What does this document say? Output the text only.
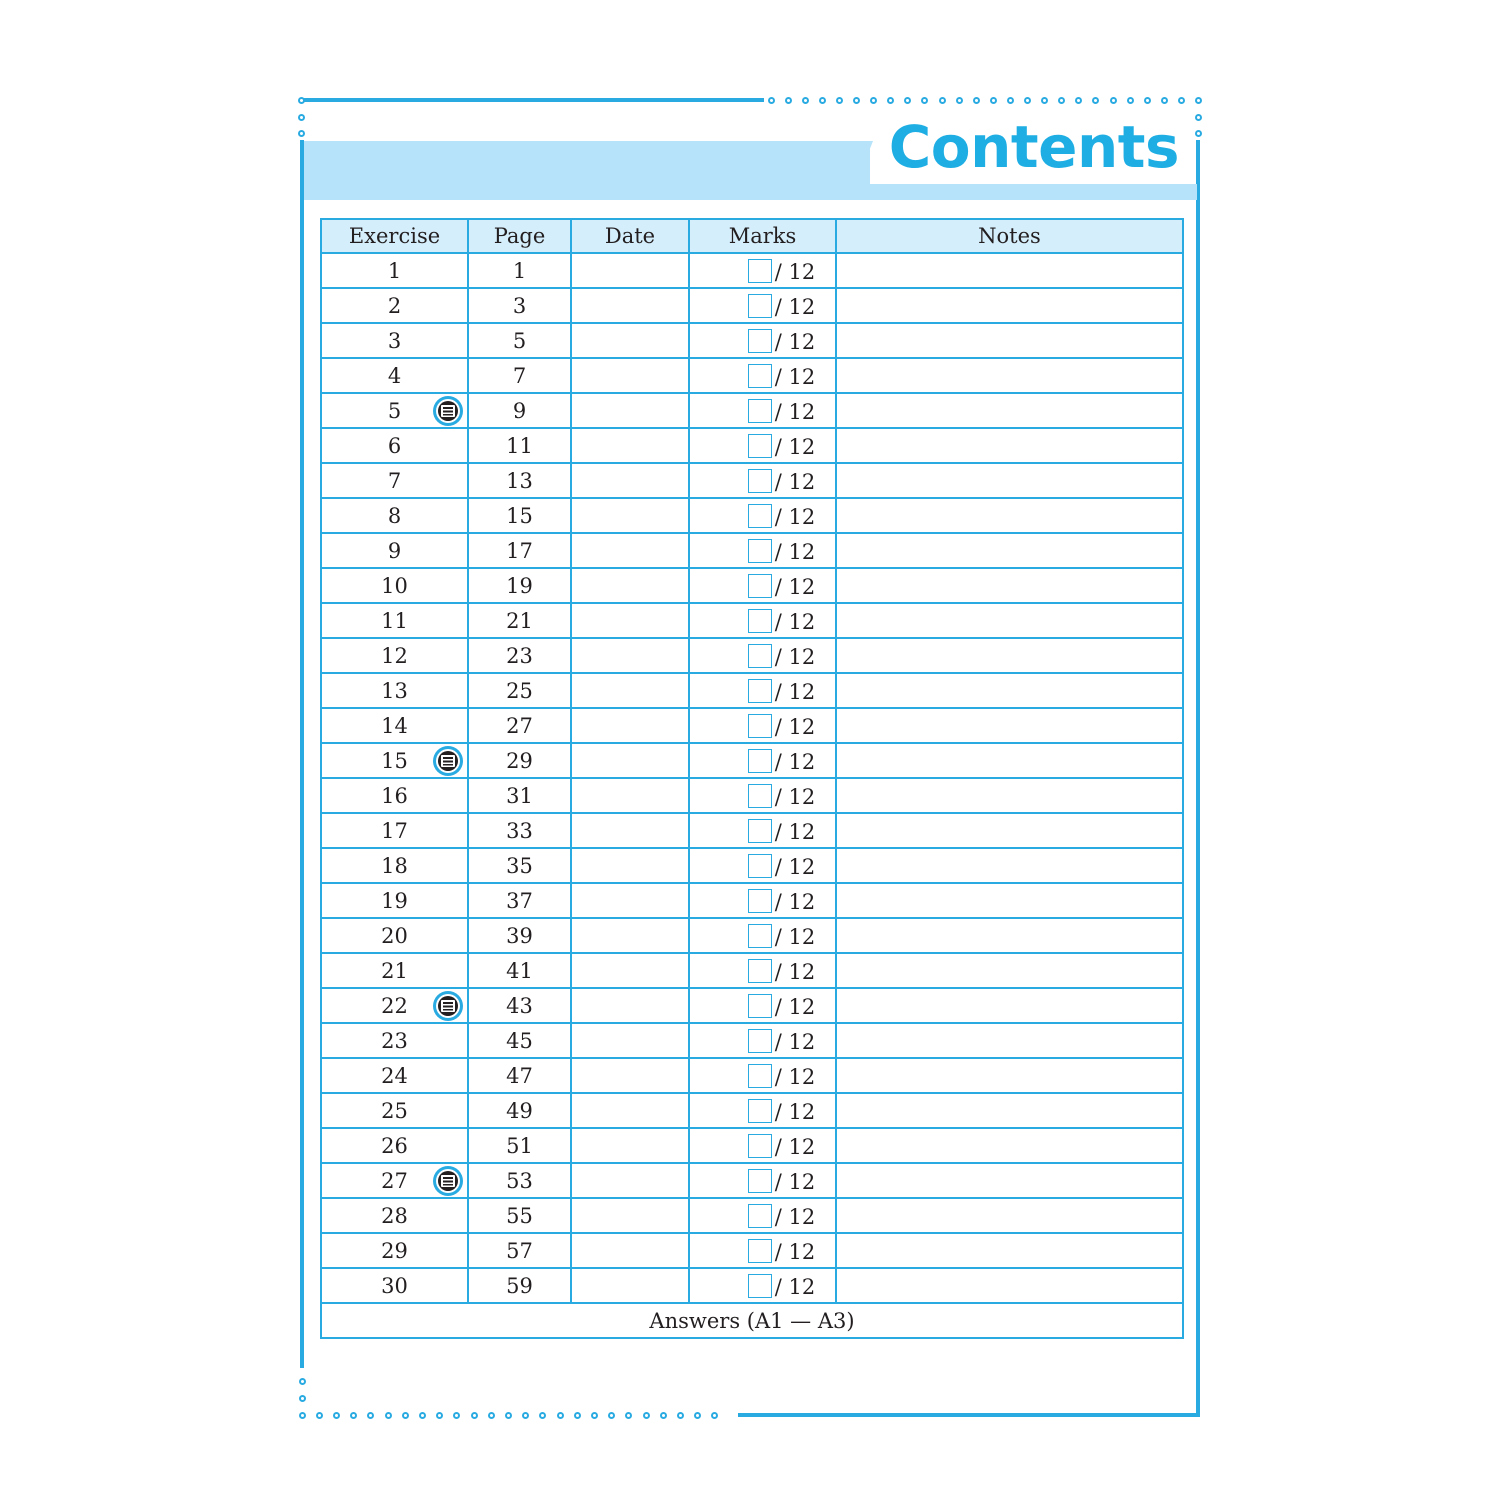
Contents
Exercise	Page	Date	Marks	Notes
1	1		/ 12	

2	3		/ 12	

3	5		/ 12	

4	7		/ 12	

5	9		/ 12	

6	11		/ 12	

7	13		/ 12	

8	15		/ 12	

9	17		/ 12	

10	19		/ 12	

11	21		/ 12	

12	23		/ 12	

13	25		/ 12	

14	27		/ 12	

15	29		/ 12	

16	31		/ 12	

17	33		/ 12	

18	35		/ 12	

19	37		/ 12	

20	39		/ 12	

21	41		/ 12	

22	43		/ 12	

23	45		/ 12	

24	47		/ 12	

25	49		/ 12	

26	51		/ 12	

27	53		/ 12	

28	55		/ 12	

29	57		/ 12	

30	59		/ 12	

Answers (A1 — A3)				
